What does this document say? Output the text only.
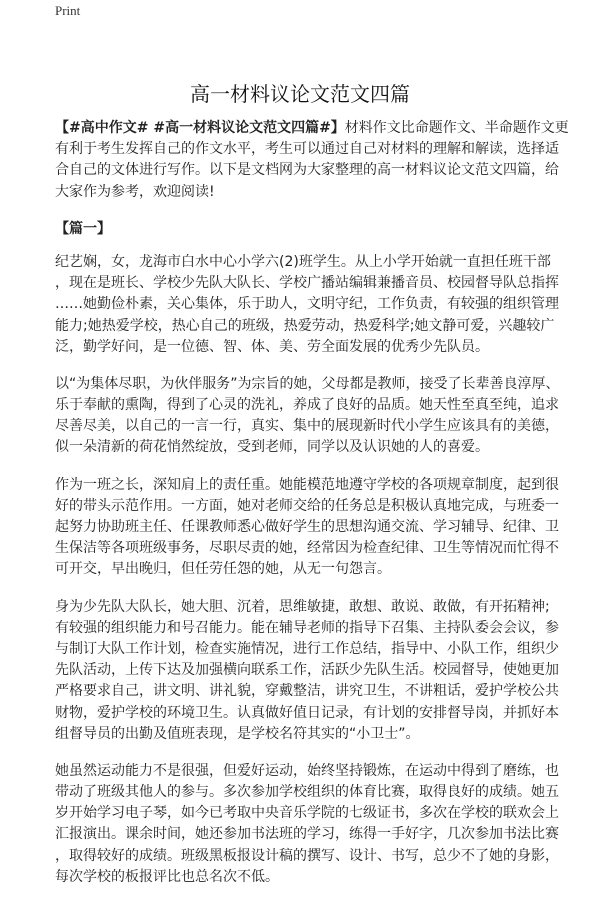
Print
高一材料议论文范文四篇
【#高中作文# #高一材料议论文范文四篇#】材料作文比命题作文、半命题作文更
有利于考生发挥自己的作文水平，考生可以通过自己对材料的理解和解读，选择适
合自己的文体进行写作。以下是文档网为大家整理的高一材料议论文范文四篇，给
大家作为参考，欢迎阅读!
【篇一】
纪艺娴，女，龙海市白水中心小学六(2)班学生。从上小学开始就一直担任班干部
，现在是班长、学校少先队大队长、学校广播站编辑兼播音员、校园督导队总指挥
……她勤俭朴素，关心集体，乐于助人，文明守纪，工作负责，有较强的组织管理
能力;她热爱学校，热心自己的班级，热爱劳动，热爱科学;她文静可爱，兴趣较广
泛，勤学好问，是一位德、智、体、美、劳全面发展的优秀少先队员。
以“为集体尽职，为伙伴服务”为宗旨的她，父母都是教师，接受了长辈善良淳厚、
乐于奉献的熏陶，得到了心灵的洗礼，养成了良好的品质。她天性至真至纯，追求
尽善尽美，以自己的一言一行，真实、集中的展现新时代小学生应该具有的美德，
似一朵清新的荷花悄然绽放，受到老师，同学以及认识她的人的喜爱。
作为一班之长，深知肩上的责任重。她能模范地遵守学校的各项规章制度，起到很
好的带头示范作用。一方面，她对老师交给的任务总是积极认真地完成，与班委一
起努力协助班主任、任课教师悉心做好学生的思想沟通交流、学习辅导、纪律、卫
生保洁等各项班级事务，尽职尽责的她，经常因为检查纪律、卫生等情况而忙得不
可开交，早出晚归，但任劳任怨的她，从无一句怨言。
身为少先队大队长，她大胆、沉着，思维敏捷，敢想、敢说、敢做，有开拓精神;
有较强的组织能力和号召能力。能在辅导老师的指导下召集、主持队委会会议，参
与制订大队工作计划，检查实施情况，进行工作总结，指导中、小队工作，组织少
先队活动，上传下达及加强横向联系工作，活跃少先队生活。校园督导，使她更加
严格要求自己，讲文明、讲礼貌，穿戴整洁，讲究卫生，不讲粗话，爱护学校公共
财物，爱护学校的环境卫生。认真做好值日记录，有计划的安排督导岗，并抓好本
组督导员的出勤及值班表现，是学校名符其实的“小卫士”。
她虽然运动能力不是很强，但爱好运动，始终坚持锻炼，在运动中得到了磨练，也
带动了班级其他人的参与。多次参加学校组织的体育比赛，取得良好的成绩。她五
岁开始学习电子琴，如今已考取中央音乐学院的七级证书，多次在学校的联欢会上
汇报演出。课余时间，她还参加书法班的学习，练得一手好字，几次参加书法比赛
，取得较好的成绩。班级黑板报设计稿的撰写、设计、书写，总少不了她的身影，
每次学校的板报评比也总名次不低。
